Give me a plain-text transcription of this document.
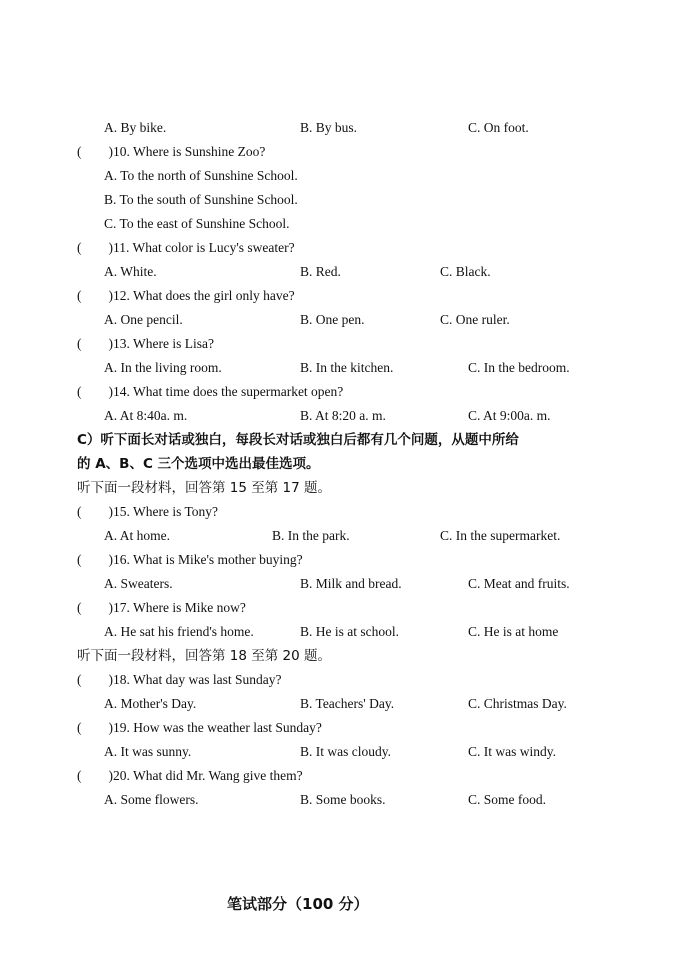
A. By bike.	B. By bus.	C. On foot.
(　　)10. Where is Sunshine Zoo?
A. To the north of Sunshine School.
B. To the south of Sunshine School.
C. To the east of Sunshine School.
(　　)11. What color is Lucy's sweater?
A. White.	B. Red.	C. Black.
(　　)12. What does the girl only have?
A. One pencil.	B. One pen.	C. One ruler.
(　　)13. Where is Lisa?
A. In the living room.	B. In the kitchen.	C. In the bedroom.
(　　)14. What time does the supermarket open?
A. At 8:40a. m.	B. At 8:20 a. m.	C. At 9:00a. m.
C）听下面长对话或独白，每段长对话或独白后都有几个问题，从题中所给
的 A、B、C 三个选项中选出最佳选项。
听下面一段材料，回答第 15 至第 17 题。
(　　)15. Where is Tony?
A. At home.	B. In the park.	C. In the supermarket.
(　　)16. What is Mike's mother buying?
A. Sweaters.	B. Milk and bread.	C. Meat and fruits.
(　　)17. Where is Mike now?
A. He sat his friend's home.	B. He is at school.	C. He is at home
听下面一段材料，回答第 18 至第 20 题。
(　　)18. What day was last Sunday?
A. Mother's Day.	B. Teachers' Day.	C. Christmas Day.
(　　)19. How was the weather last Sunday?
A. It was sunny.	B. It was cloudy.	C. It was windy.
(　　)20. What did Mr. Wang give them?
A. Some flowers.	B. Some books.	C. Some food.
笔试部分（100 分）
